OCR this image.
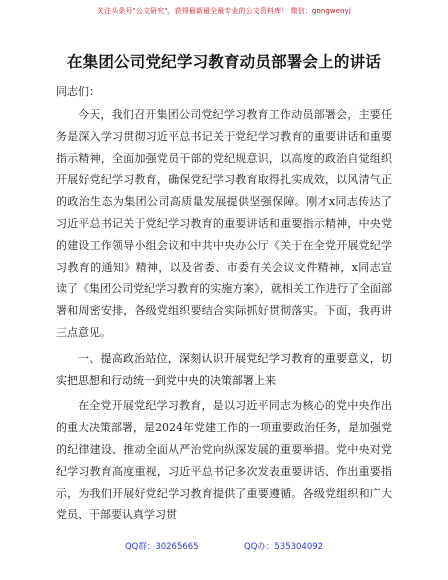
关注头条号"公文研究"，获得最新最全最专业的公文资料库！ 微信：gongwenyj
在集团公司党纪学习教育动员部署会上的讲话
同志们：

今天，我们召开集团公司党纪学习教育工作动员部署会，主要任务是深入学习贯彻习近平总书记关于党纪学习教育的重要讲话和重要指示精神，全面加强党员干部的党纪规意识，以高度的政治自觉组织开展好党纪学习教育，确保党纪学习教育取得扎实成效，以风清气正的政治生态为集团公司高质量发展提供坚强保障。刚才x同志传达了习近平总书记关于党纪学习教育的重要讲话和重要指示精神，中央党的建设工作领导小组会议和中共中央办公厅《关于在全党开展党纪学习教育的通知》精神，以及省委、市委有关会议文件精神，x同志宣读了《集团公司党纪学习教育的实施方案》，就相关工作进行了全面部署和周密安排，各级党组织要结合实际抓好贯彻落实。下面，我再讲三点意见。

一、提高政治站位，深刻认识开展党纪学习教育的重要意义，切实把思想和行动统一到党中央的决策部署上来

在全党开展党纪学习教育，是以习近平同志为核心的党中央作出的重大决策部署，是2024年党建工作的一项重要政治任务，是加强党的纪律建设、推动全面从严治党向纵深发展的重要举措。党中央对党纪学习教育高度重视，习近平总书记多次发表重要讲话、作出重要指示，为我们开展好党纪学习教育提供了重要遵循。各级党组织和广大党员、干部要认真学习贯

QQ群：30265665	QQ办：535304092
